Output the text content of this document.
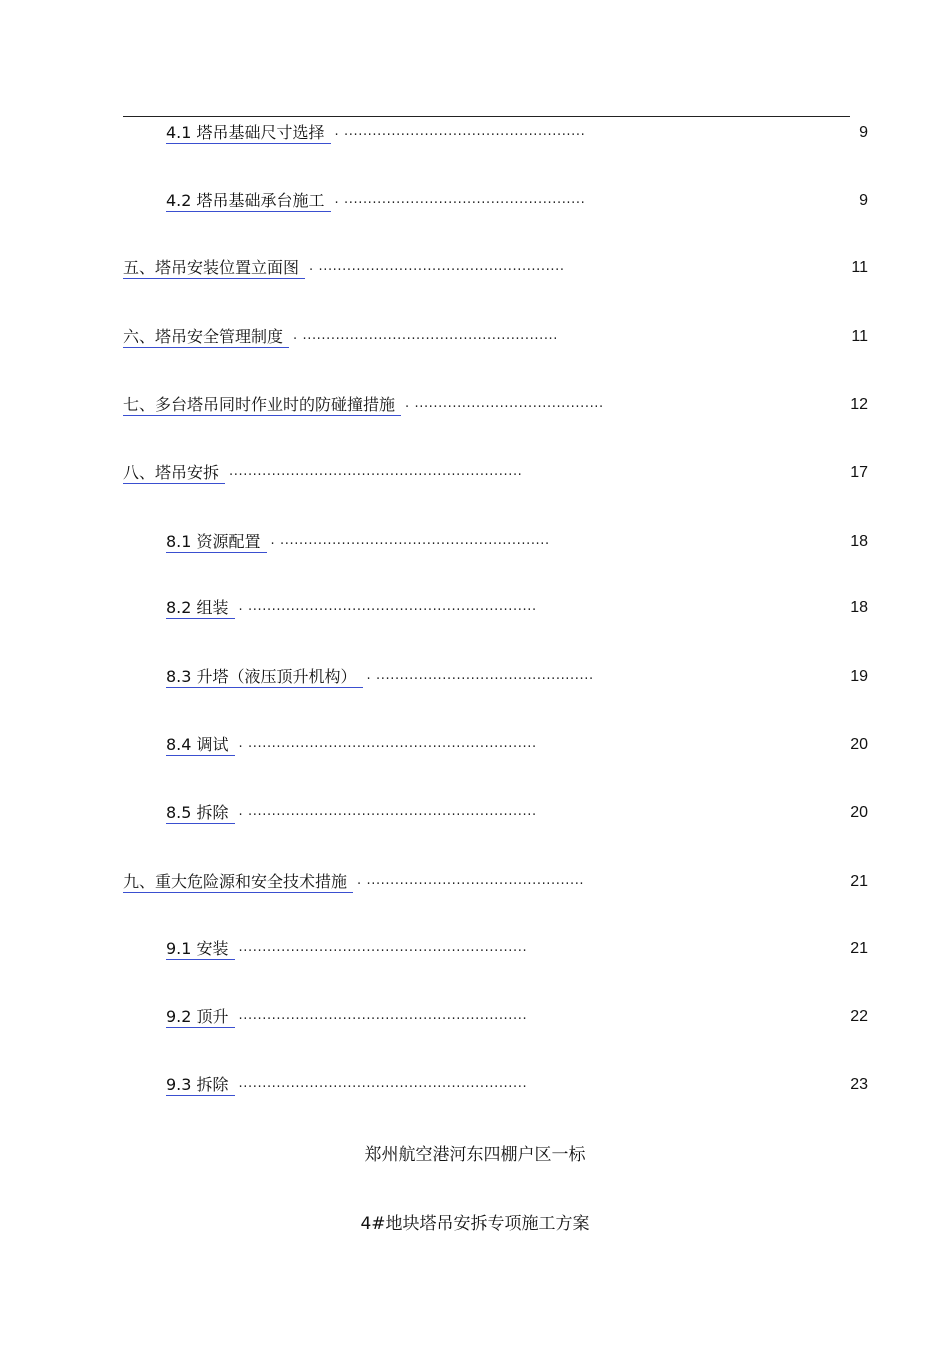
4.1 塔吊基础尺寸选择 . ...................................................	9
4.2 塔吊基础承台施工 . ...................................................	9
五、塔吊安装位置立面图 . ....................................................	11
六、塔吊安全管理制度 . ......................................................	11
七、多台塔吊同时作业时的防碰撞措施 . ........................................	12
八、塔吊安拆 ..............................................................	17
8.1 资源配置 . .........................................................	18
8.2 组装 . .............................................................	18
8.3 升塔（液压顶升机构） . ..............................................	19
8.4 调试 . .............................................................	20
8.5 拆除 . .............................................................	20
九、重大危险源和安全技术措施 . ..............................................	21
9.1 安装 .............................................................	21
9.2 顶升 .............................................................	22
9.3 拆除 .............................................................	23
郑州航空港河东四棚户区一标
4#地块塔吊安拆专项施工方案
